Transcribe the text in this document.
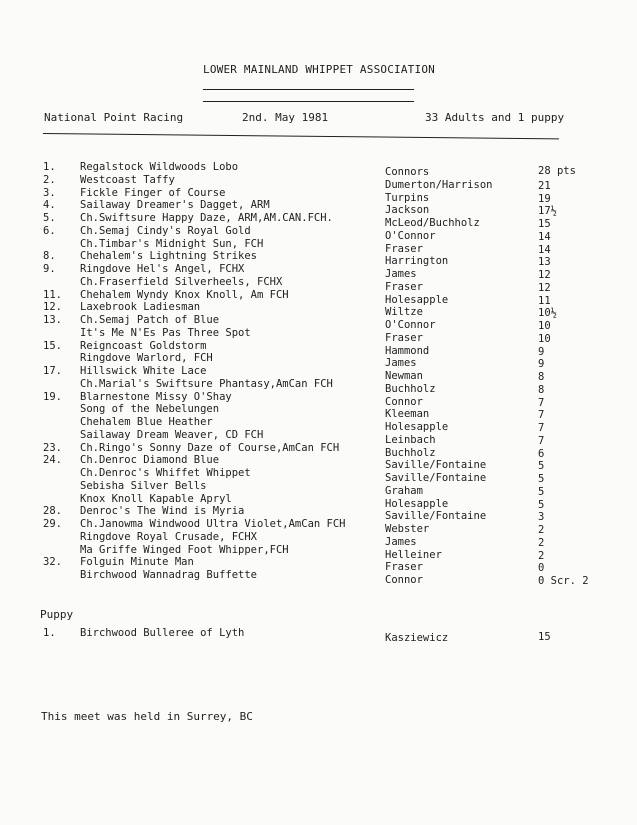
LOWER MAINLAND WHIPPET ASSOCIATION
National Point Racing	2nd. May 1981	33 Adults and 1 puppy
1. Regalstock Wildwoods Lobo	Connors	28 pts
2. Westcoast Taffy	Dumerton/Harrison	21
3. Fickle Finger of Course	Turpins	19
4. Sailaway Dreamer's Dagget, ARM	Jackson	17½
5. Ch.Swiftsure Happy Daze, ARM,AM.CAN.FCH.	McLeod/Buchholz	15
6. Ch.Semaj Cindy's Royal Gold	O'Connor	14
Ch.Timbar's Midnight Sun, FCH	Fraser	14
8. Chehalem's Lightning Strikes	Harrington	13
9. Ringdove Hel's Angel, FCHX	James	12
Ch.Fraserfield Silverheels, FCHX	Fraser	12
11. Chehalem Wyndy Knox Knoll, Am FCH	Holesapple	11
12. Laxebrook Ladiesman	Wiltze	10½
13. Ch.Semaj Patch of Blue	O'Connor	10
It's Me N'Es Pas Three Spot	Fraser	10
15. Reigncoast Goldstorm	Hammond	9
Ringdove Warlord, FCH	James	9
17. Hillswick White Lace	Newman	8
Ch.Marial's Swiftsure Phantasy,AmCan FCH	Buchholz	8
19. Blarnestone Missy O'Shay	Connor	7
Song of the Nebelungen	Kleeman	7
Chehalem Blue Heather	Holesapple	7
Sailaway Dream Weaver, CD FCH	Leinbach	7
23. Ch.Ringo's Sonny Daze of Course,AmCan FCH	Buchholz	6
24. Ch.Denroc Diamond Blue	Saville/Fontaine	5
Ch.Denroc's Whiffet Whippet	Saville/Fontaine	5
Sebisha Silver Bells	Graham	5
Knox Knoll Kapable Apryl	Holesapple	5
28. Denroc's The Wind is Myria	Saville/Fontaine	3
29. Ch.Janowma Windwood Ultra Violet,AmCan FCH	Webster	2
Ringdove Royal Crusade, FCHX	James	2
Ma Griffe Winged Foot Whipper,FCH	Helleiner	2
32. Folguin Minute Man	Fraser	0
Birchwood Wannadrag Buffette	Connor	0 Scr. 2
Puppy
1. Birchwood Bulleree of Lyth	Kasziewicz	15
This meet was held in Surrey, BC
